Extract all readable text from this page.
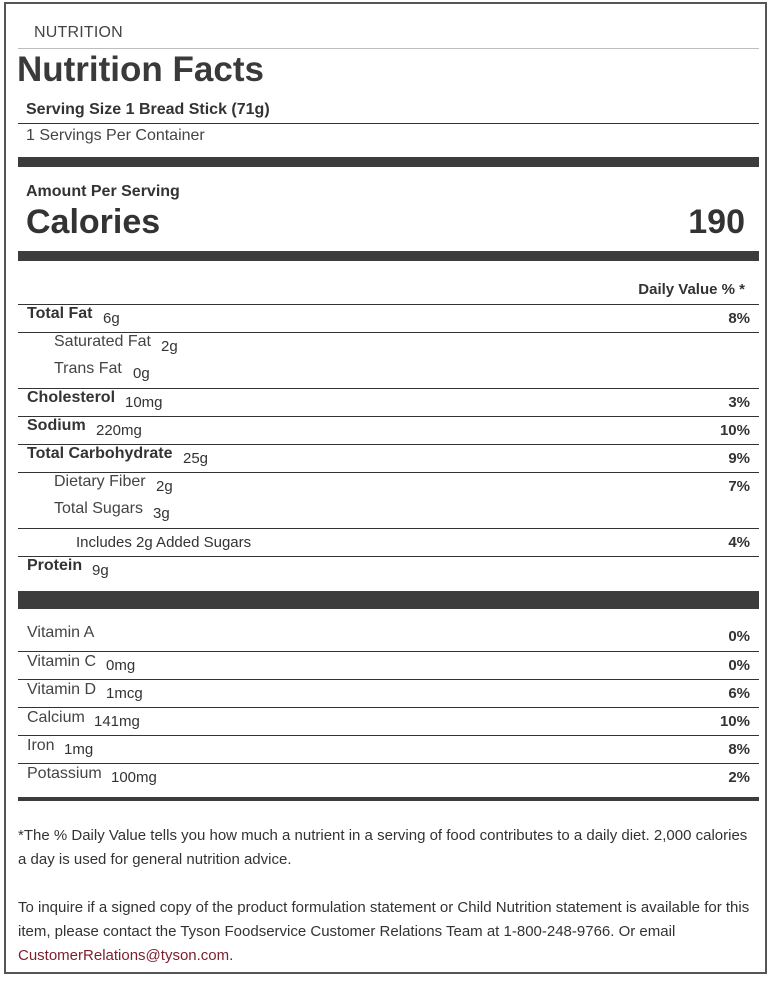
NUTRITION
Nutrition Facts
Serving Size 1 Bread Stick (71g)
1 Servings Per Container
Amount Per Serving
Calories	190
Daily Value % *
Total Fat 6g	8%
Saturated Fat 2g
Trans Fat 0g
Cholesterol 10mg	3%
Sodium 220mg	10%
Total Carbohydrate 25g	9%
Dietary Fiber 2g	7%
Total Sugars 3g
Includes 2g Added Sugars	4%
Protein 9g
Vitamin A	0%
Vitamin C 0mg	0%
Vitamin D 1mcg	6%
Calcium 141mg	10%
Iron 1mg	8%
Potassium 100mg	2%
*The % Daily Value tells you how much a nutrient in a serving of food contributes to a daily diet. 2,000 calories a day is used for general nutrition advice.
To inquire if a signed copy of the product formulation statement or Child Nutrition statement is available for this item, please contact the Tyson Foodservice Customer Relations Team at 1-800-248-9766. Or email CustomerRelations@tyson.com.
